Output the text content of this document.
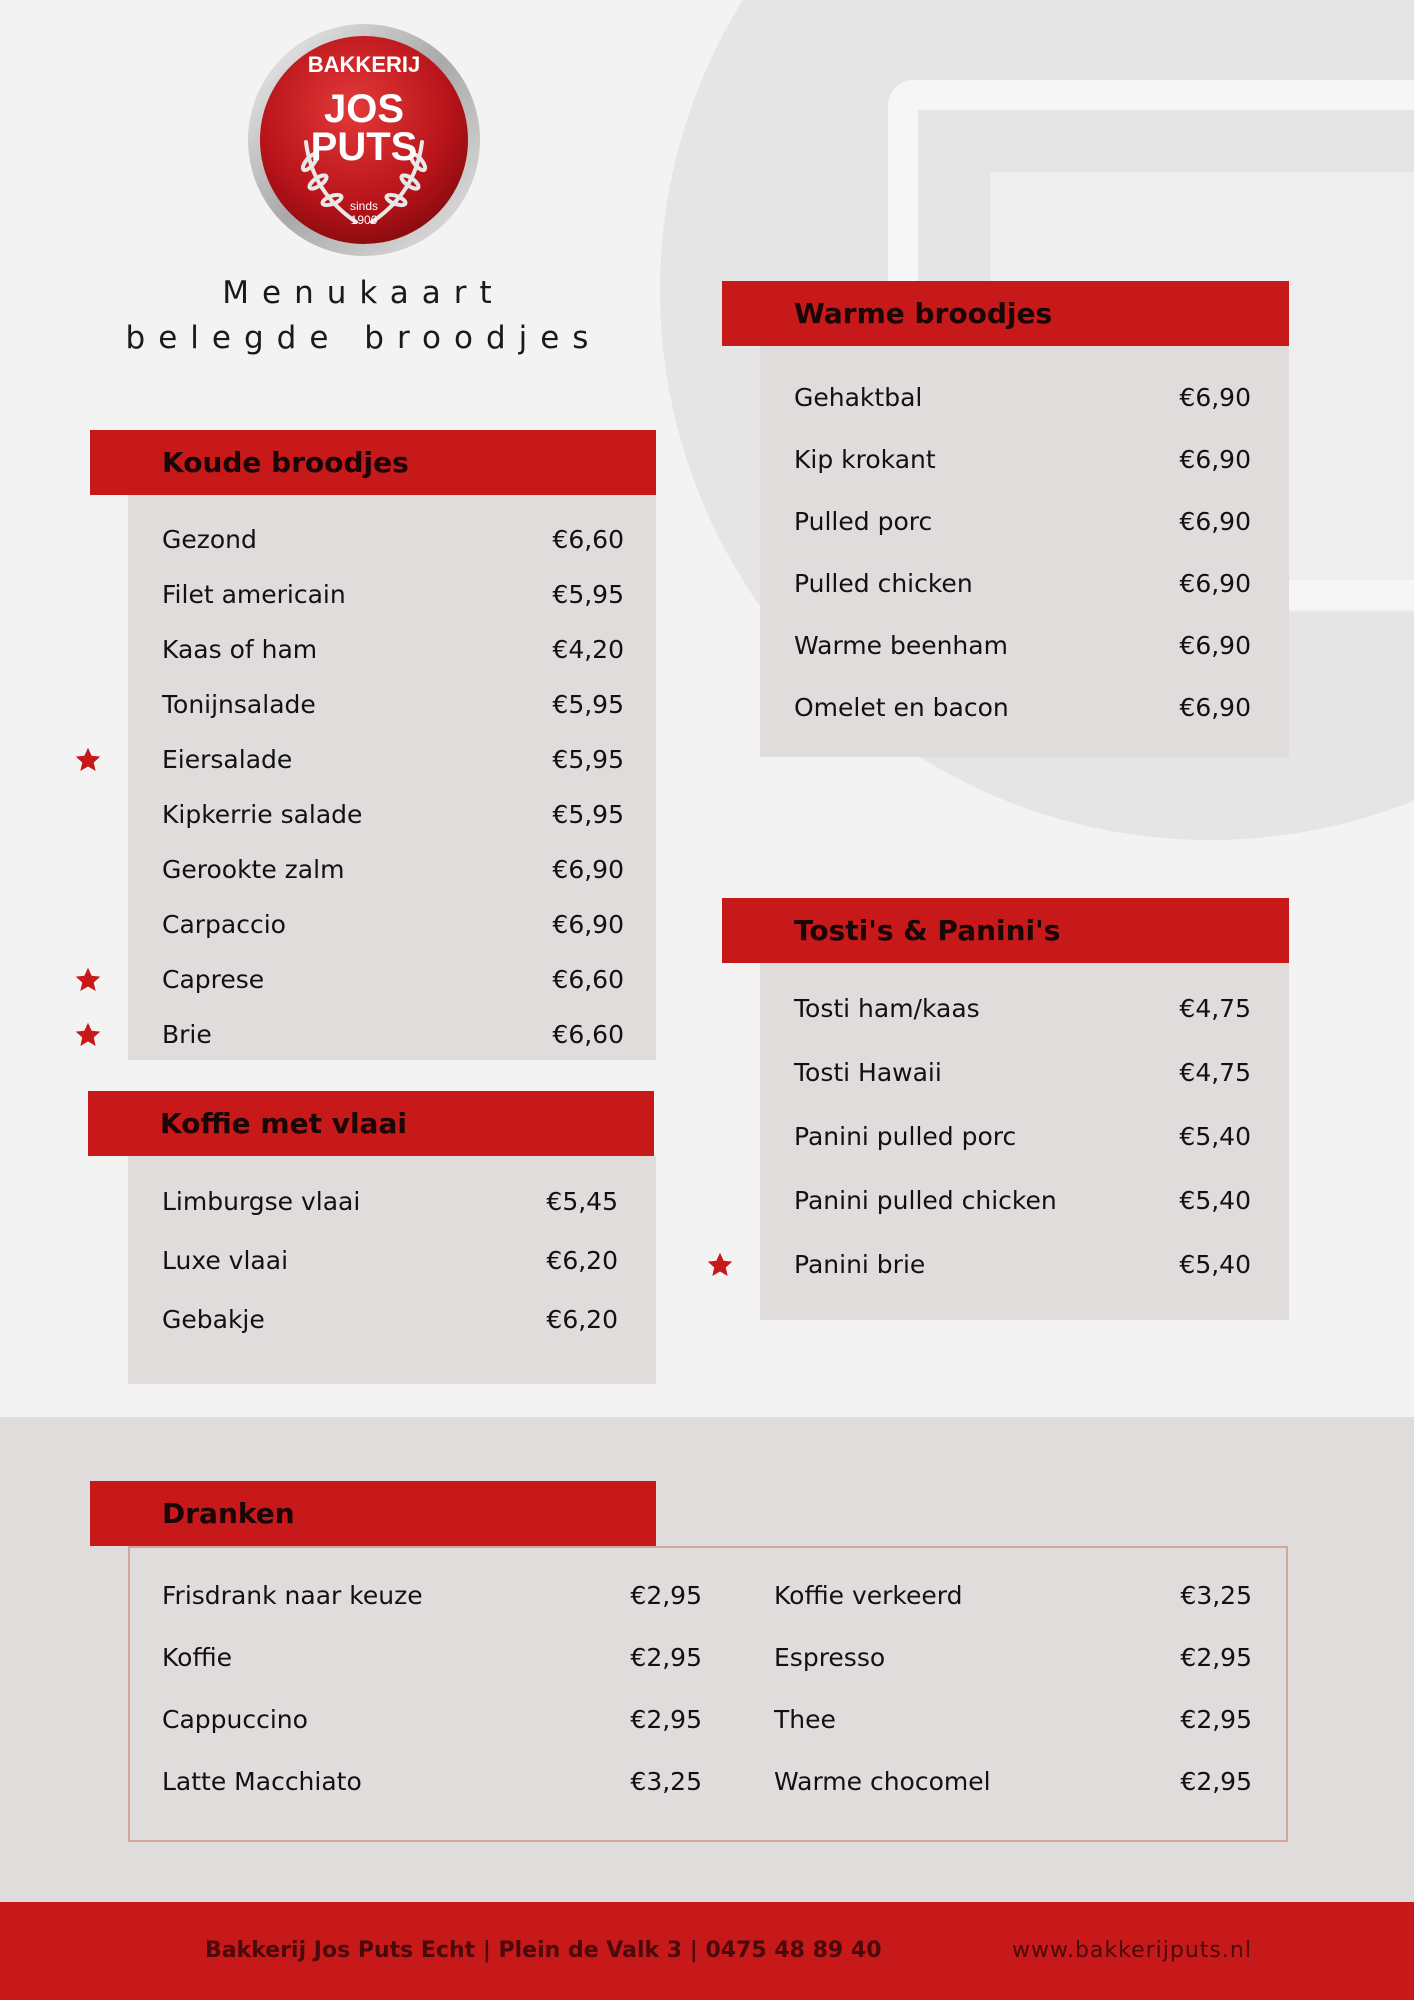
BAKKERIJ
JOS
PUTS
sinds
1906
Menukaart
belegde broodjes
Gezond	€6,60
Filet americain	€5,95
Kaas of ham	€4,20
Tonijnsalade	€5,95
Eiersalade	€5,95
Kipkerrie salade	€5,95
Gerookte zalm	€6,90
Carpaccio	€6,90
Caprese	€6,60
Brie	€6,60
Koude broodjes
Limburgse vlaai	€5,45
Luxe vlaai	€6,20
Gebakje	€6,20
Koffie met vlaai
Gehaktbal	€6,90
Kip krokant	€6,90
Pulled porc	€6,90
Pulled chicken	€6,90
Warme beenham	€6,90
Omelet en bacon	€6,90
Warme broodjes
Tosti ham/kaas	€4,75
Tosti Hawaii	€4,75
Panini pulled porc	€5,40
Panini pulled chicken	€5,40
Panini brie	€5,40
Tosti's & Panini's
Frisdrank naar keuze	€2,95
Koffie	€2,95
Cappuccino	€2,95
Latte Macchiato	€3,25
Koffie verkeerd	€3,25
Espresso	€2,95
Thee	€2,95
Warme chocomel	€2,95
Dranken
Bakkerij Jos Puts Echt | Plein de Valk 3 | 0475 48 89 40	www.bakkerijputs.nl
